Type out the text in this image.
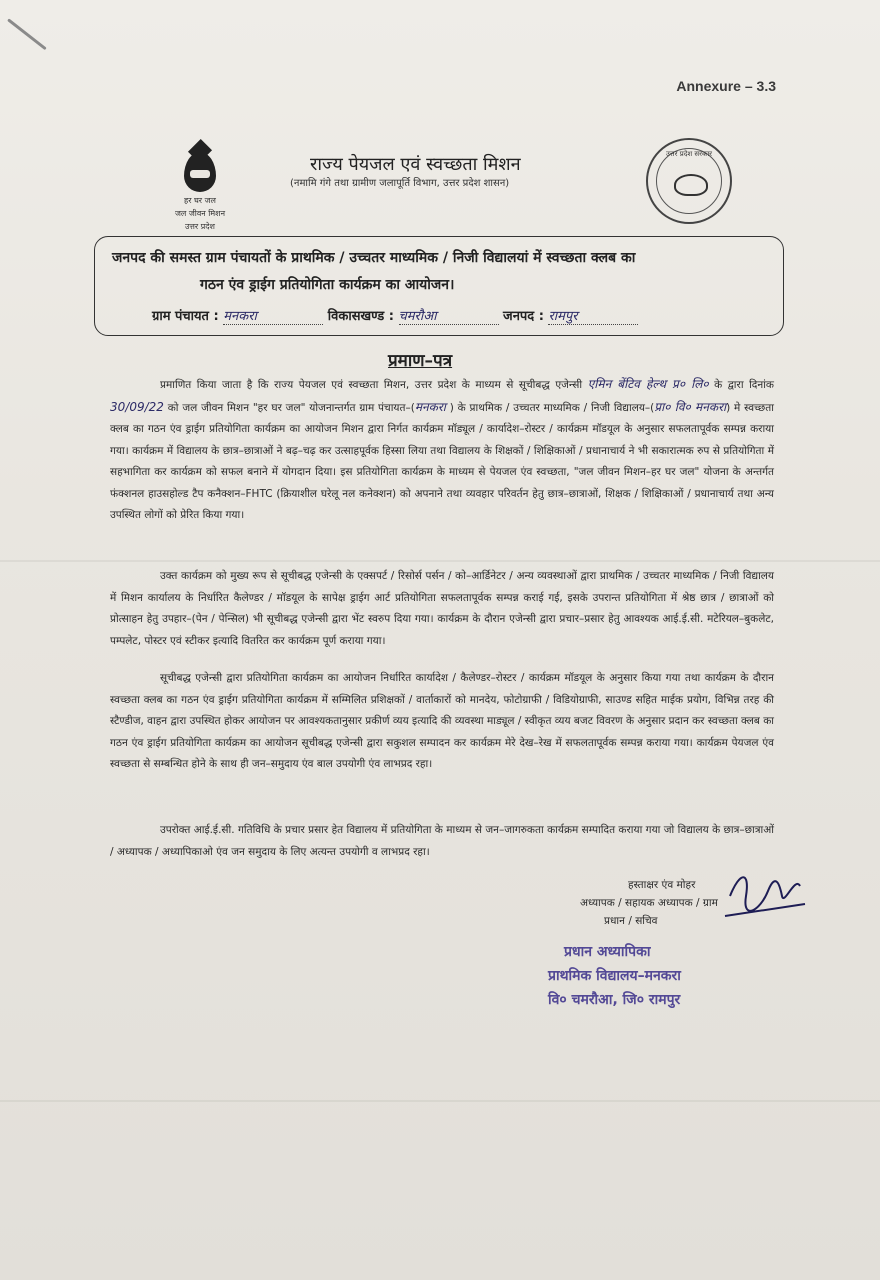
Annexure – 3.3
हर घर जल
जल जीवन मिशन
उत्तर प्रदेश
राज्य पेयजल एवं स्वच्छता मिशन
(नमामि गंगे तथा ग्रामीण जलापूर्ति विभाग, उत्तर प्रदेश शासन)
उत्तर प्रदेश सरकार
जनपद की समस्त ग्राम पंचायतों के प्राथमिक / उच्चतर माध्यमिक / निजी विद्यालयां में स्वच्छता क्लब का
गठन एंव ड्राईग प्रतियोगिता कार्यक्रम का आयोजन।
ग्राम पंचायत : मनकरा	विकासखण्ड : चमरौआ	जनपद : रामपुर
प्रमाण–पत्र
प्रमाणित किया जाता है कि राज्य पेयजल एवं स्वच्छता मिशन, उत्तर प्रदेश के माध्यम से सूचीबद्ध एजेन्सी एमिन बेंटिव हेल्थ प्र० लि० के द्वारा दिनांक 30/09/22 को जल जीवन मिशन "हर घर जल" योजनान्तर्गत ग्राम पंचायत–(मनकरा ) के प्राथमिक / उच्चतर माध्यमिक / निजी विद्यालय–(प्रा० वि० मनकरा) मे स्वच्छता क्लब का गठन एंव ड्राईग प्रतियोगिता कार्यक्रम का आयोजन मिशन द्वारा निर्गत कार्यक्रम मॉड्यूल / कार्यादेश–रोस्टर / कार्यक्रम मॉडयूल के अनुसार सफलतापूर्वक सम्पन्न कराया गया। कार्यक्रम में विद्यालय के छात्र–छात्राओं ने बढ़–चढ़ कर उत्साहपूर्वक हिस्सा लिया तथा विद्यालय के शिक्षकों / शिक्षिकाओं / प्रधानाचार्य ने भी सकारात्मक रुप से प्रतियोगिता में सहभागिता कर कार्यक्रम को सफल बनाने में योगदान दिया। इस प्रतियोगिता कार्यक्रम के माध्यम से पेयजल एंव स्वच्छता, "जल जीवन मिशन–हर घर जल" योजना के अन्तर्गत फंक्शनल हाउसहोल्ड टैप कनैक्शन–FHTC (क्रियाशील घरेलू नल कनेक्शन) को अपनाने तथा व्यवहार परिवर्तन हेतु छात्र–छात्राओं, शिक्षक / शिक्षिकाओं / प्रधानाचार्य तथा अन्य उपस्थित लोगों को प्रेरित किया गया।
उक्त कार्यक्रम को मुख्य रूप से सूचीबद्ध एजेन्सी के एक्सपर्ट / रिसोर्स पर्सन / को–आर्डिनेटर / अन्य व्यवस्थाओं द्वारा प्राथमिक / उच्चतर माध्यमिक / निजी विद्यालय में मिशन कार्यालय के निर्धारित कैलेण्डर / मॉडयूल के सापेक्ष ड्राईग आर्ट प्रतियोगिता सफलतापूर्वक सम्पन्न कराई गई, इसके उपरान्त प्रतियोगिता में श्रेष्ठ छात्र / छात्राओं को प्रोत्साहन हेतु उपहार–(पेन / पेन्सिल) भी सूचीबद्ध एजेन्सी द्वारा भेंट स्वरुप दिया गया। कार्यक्रम के दौरान एजेन्सी द्वारा प्रचार–प्रसार हेतु आवश्यक आई.ई.सी. मटेरियल–बुकलेट, पम्पलेट, पोस्टर एवं स्टीकर इत्यादि वितरित कर कार्यक्रम पूर्ण कराया गया।
सूचीबद्ध एजेन्सी द्वारा प्रतियोगिता कार्यक्रम का आयोजन निर्धारित कार्यादेश / कैलेण्डर–रोस्टर / कार्यक्रम मॉडयूल के अनुसार किया गया तथा कार्यक्रम के दौरान स्वच्छता क्लब का गठन एंव ड्राईग प्रतियोगिता कार्यक्रम में सम्मिलित प्रशिक्षकों / वार्ताकारों को मानदेय, फोटोग्राफी / विडियोग्राफी, साउण्ड सहित माईक प्रयोग, विभिन्न तरह की स्टैण्डीज, वाहन द्वारा उपस्थित होकर आयोजन पर आवश्यकतानुसार प्रकीर्ण व्यय इत्यादि की व्यवस्था माड्यूल / स्वीकृत व्यय बजट विवरण के अनुसार प्रदान कर स्वच्छता क्लब का गठन एंव ड्राईग प्रतियोगिता कार्यक्रम का आयोजन सूचीबद्ध एजेन्सी द्वारा सकुशल सम्पादन कर कार्यक्रम मेरे देख–रेख में सफलतापूर्वक सम्पन्न कराया गया। कार्यक्रम पेयजल एंव स्वच्छता से सम्बन्धित होने के साथ ही जन–समुदाय एंव बाल उपयोगी एंव लाभप्रद रहा।
उपरोक्त आई.ई.सी. गतिविधि के प्रचार प्रसार हेत विद्यालय में प्रतियोगिता के माध्यम से जन–जागरुकता कार्यक्रम सम्पादित कराया गया जो विद्यालय के छात्र–छात्राओं / अध्यापक / अध्यापिकाओ एंव जन समुदाय के लिए अत्यन्त उपयोगी व लाभप्रद रहा।
हस्ताक्षर एंव मोहर
अध्यापक / सहायक अध्यापक / ग्राम
प्रधान / सचिव
प्रधान अध्यापिका
प्राथमिक विद्यालय–मनकरा
वि० चमरौआ, जि० रामपुर
